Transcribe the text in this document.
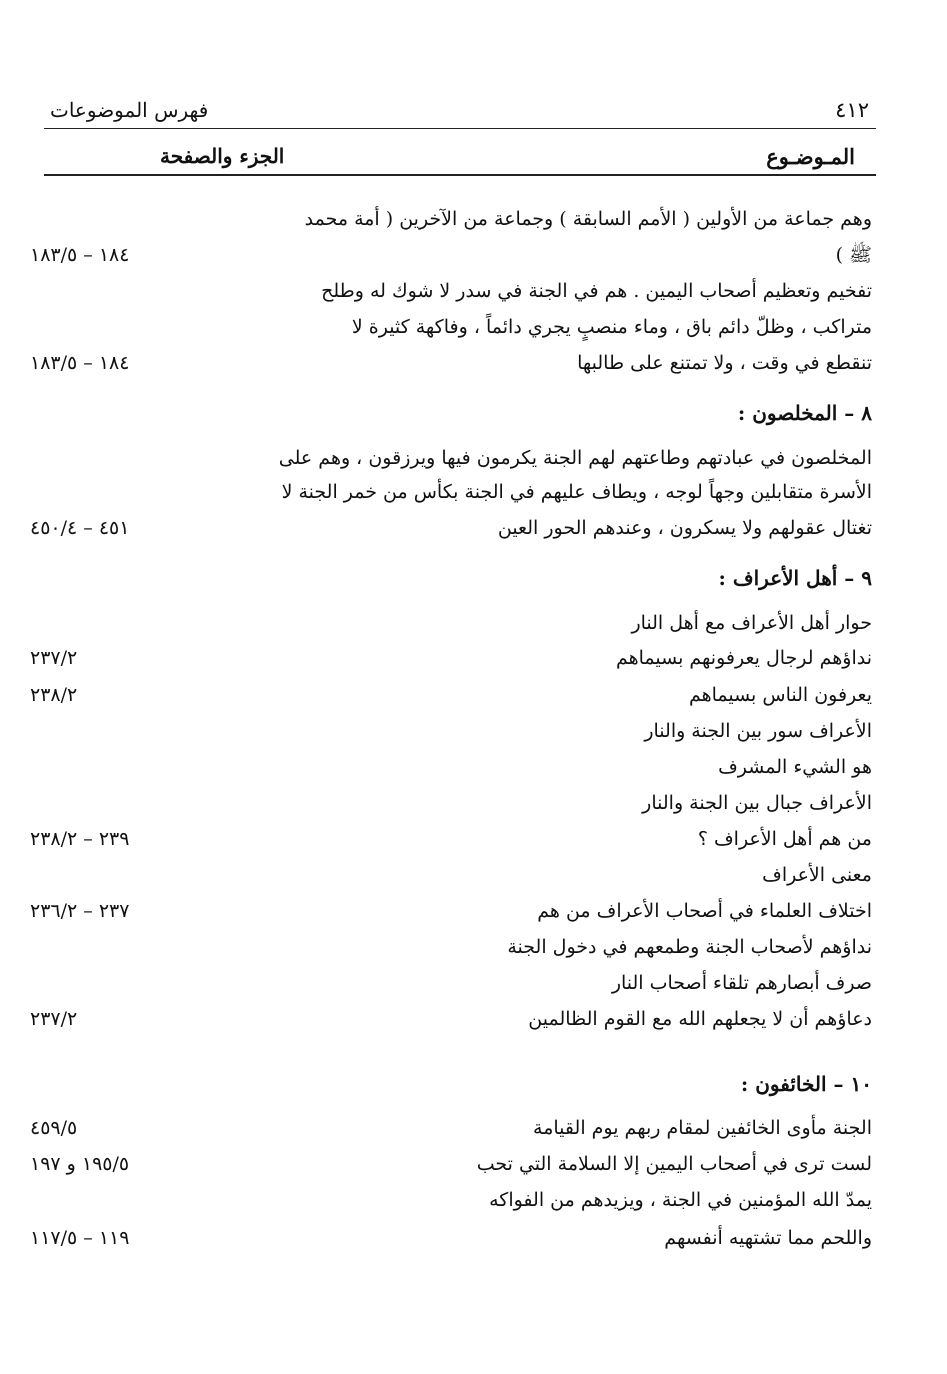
٤١٢
فهرس الموضوعات
المـوضـوع
الجزء والصفحة
وهم جماعة من الأولين ( الأمم السابقة ) وجماعة من الآخرين ( أمة محمد
ﷺ )
١٨٤ – ١٨٣/٥
تفخيم وتعظيم أصحاب اليمين . هم في الجنة في سدر لا شوك له وطلح
متراكب ، وظلّ دائم باق ، وماء منصبٍ يجري دائماً ، وفاكهة كثيرة لا
تنقطع في وقت ، ولا تمتنع على طالبها
١٨٤ – ١٨٣/٥
٨ – المخلصون :
المخلصون في عبادتهم وطاعتهم لهم الجنة يكرمون فيها ويرزقون ، وهم على
الأسرة متقابلين وجهاً لوجه ، ويطاف عليهم في الجنة بكأس من خمر الجنة لا
تغتال عقولهم ولا يسكرون ، وعندهم الحور العين
٤٥١ – ٤٥٠/٤
٩ – أهل الأعراف :
حوار أهل الأعراف مع أهل النار
نداؤهم لرجال يعرفونهم بسيماهم
٢٣٧/٢
يعرفون الناس بسيماهم
٢٣٨/٢
الأعراف سور بين الجنة والنار
هو الشيء المشرف
الأعراف جبال بين الجنة والنار
من هم أهل الأعراف ؟
٢٣٩ – ٢٣٨/٢
معنى الأعراف
اختلاف العلماء في أصحاب الأعراف من هم
٢٣٧ – ٢٣٦/٢
نداؤهم لأصحاب الجنة وطمعهم في دخول الجنة
صرف أبصارهم تلقاء أصحاب النار
دعاؤهم أن لا يجعلهم الله مع القوم الظالمين
٢٣٧/٢
١٠ – الخائفون :
الجنة مأوى الخائفين لمقام ربهم يوم القيامة
٤٥٩/٥
لست ترى في أصحاب اليمين إلا السلامة التي تحب
١٩٥/٥ و ١٩٧
يمدّ الله المؤمنين في الجنة ، ويزيدهم من الفواكه
واللحم مما تشتهيه أنفسهم
١١٩ – ١١٧/٥
